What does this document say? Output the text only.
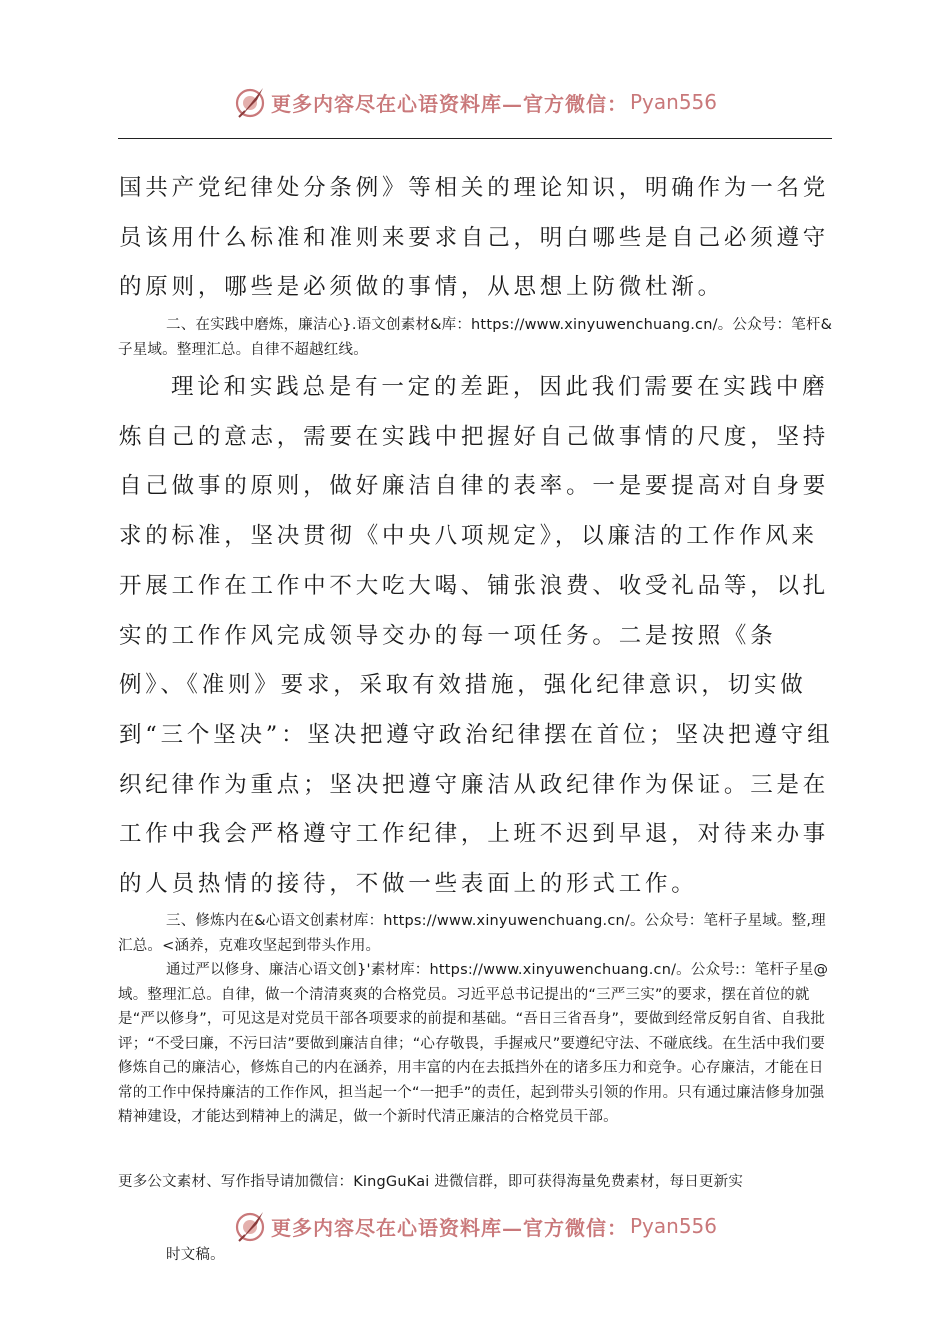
更多内容尽在心语资料库—官方微信： Pyan556

国共产党纪律处分条例》等相关的理论知识，明确作为一名党员该用什么标准和准则来要求自己，明白哪些是自己必须遵守的原则，哪些是必须做的事情，从思想上防微杜渐。

二、在实践中磨炼，廉洁心}.语文创素材&库：https://www.xinyuwenchuang.cn/。公众号：笔杆&子星域。整理汇总。自律不超越红线。

理论和实践总是有一定的差距，因此我们需要在实践中磨炼自己的意志，需要在实践中把握好自己做事情的尺度，坚持自己做事的原则，做好廉洁自律的表率。一是要提高对自身要求的标准，坚决贯彻《中央八项规定》，以廉洁的工作作风来开展工作在工作中不大吃大喝、铺张浪费、收受礼品等，以扎实的工作作风完成领导交办的每一项任务。二是按照《条例》、《准则》要求，采取有效措施，强化纪律意识，切实做到“三个坚决”：坚决把遵守政治纪律摆在首位；坚决把遵守组织纪律作为重点；坚决把遵守廉洁从政纪律作为保证。三是在工作中我会严格遵守工作纪律，上班不迟到早退，对待来办事的人员热情的接待，不做一些表面上的形式工作。

三、修炼内在&心语文创素材库：https://www.xinyuwenchuang.cn/。公众号：笔杆子星域。整,理汇总。<涵养，克难攻坚起到带头作用。

通过严以修身、廉洁心语文创}'素材库：https://www.xinyuwenchuang.cn/。公众号:：笔杆子星@域。整理汇总。自律，做一个清清爽爽的合格党员。习近平总书记提出的“三严三实”的要求，摆在首位的就是“严以修身”，可见这是对党员干部各项要求的前提和基础。“吾日三省吾身”，要做到经常反躬自省、自我批评；“不受曰廉，不污曰洁”要做到廉洁自律；“心存敬畏，手握戒尺”要遵纪守法、不碰底线。在生活中我们要修炼自己的廉洁心，修炼自己的内在涵养，用丰富的内在去抵挡外在的诸多压力和竞争。心存廉洁，才能在日常的工作中保持廉洁的工作作风，担当起一个“一把手”的责任，起到带头引领的作用。只有通过廉洁修身加强精神建设，才能达到精神上的满足，做一个新时代清正廉洁的合格党员干部。

更多公文素材、写作指导请加微信：KingGuKai 进微信群，即可获得海量免费素材，每日更新实

更多内容尽在心语资料库—官方微信： Pyan556

时文稿。
